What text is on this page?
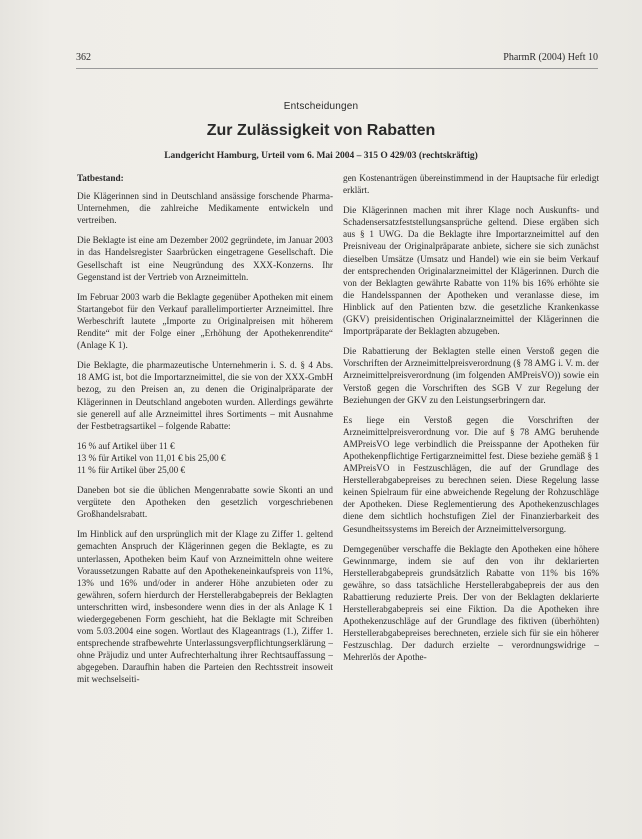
362	PharmR (2004) Heft 10
Entscheidungen
Zur Zulässigkeit von Rabatten
Landgericht Hamburg, Urteil vom 6. Mai 2004 – 315 O 429/03 (rechtskräftig)

Tatbestand:

Die Klägerinnen sind in Deutschland ansässige forschende Pharma-Unternehmen, die zahlreiche Medikamente entwickeln und vertreiben.

Die Beklagte ist eine am Dezember 2002 gegründete, im Januar 2003 in das Handelsregister Saarbrücken eingetragene Gesellschaft. Die Gesellschaft ist eine Neugründung des XXX-Konzerns. Ihr Gegenstand ist der Vertrieb von Arzneimitteln.

Im Februar 2003 warb die Beklagte gegenüber Apotheken mit einem Startangebot für den Verkauf parallelimportierter Arzneimittel. Ihre Werbeschrift lautete „Importe zu Originalpreisen mit höherem Rendite“ mit der Folge einer „Erhöhung der Apothekenrendite“ (Anlage K 1).

Die Beklagte, die pharmazeutische Unternehmerin i. S. d. § 4 Abs. 18 AMG ist, bot die Importarzneimittel, die sie von der XXX-GmbH bezog, zu den Preisen an, zu denen die Originalpräparate der Klägerinnen in Deutschland angeboten wurden. Allerdings gewährte sie generell auf alle Arzneimittel ihres Sortiments – mit Ausnahme der Festbetragsartikel – folgende Rabatte:

16 % auf Artikel über 11 €
13 % für Artikel von 11,01 € bis 25,00 €
11 % für Artikel über 25,00 €

Daneben bot sie die üblichen Mengenrabatte sowie Skonti an und vergütete den Apotheken den gesetzlich vorgeschriebenen Großhandelsrabatt.

Im Hinblick auf den ursprünglich mit der Klage zu Ziffer 1. geltend gemachten Anspruch der Klägerinnen gegen die Beklagte, es zu unterlassen, Apotheken beim Kauf von Arzneimitteln ohne weitere Voraussetzungen Rabatte auf den Apothekeneinkaufspreis von 11%, 13% und 16% und/oder in anderer Höhe anzubieten oder zu gewähren, sofern hierdurch der Herstellerabgabepreis der Beklagten unterschritten wird, insbesondere wenn dies in der als Anlage K 1 wiedergegebenen Form geschieht, hat die Beklagte mit Schreiben vom 5.03.2004 eine sogen. Wortlaut des Klageantrags (1.), Ziffer 1. entsprechende strafbewehrte Unterlassungsverpflichtungserklärung – ohne Präjudiz und unter Aufrechterhaltung ihrer Rechtsauffassung – abgegeben. Daraufhin haben die Parteien den Rechtsstreit insoweit mit wechselseiti-

gen Kostenanträgen übereinstimmend in der Hauptsache für erledigt erklärt.

Die Klägerinnen machen mit ihrer Klage noch Auskunfts- und Schadensersatzfeststellungsansprüche geltend. Diese ergäben sich aus § 1 UWG. Da die Beklagte ihre Importarzneimittel auf den Preisniveau der Originalpräparate anbiete, sichere sie sich zunächst dieselben Umsätze (Umsatz und Handel) wie ein sie beim Verkauf der entsprechenden Originalarzneimittel der Klägerinnen. Durch die von der Beklagten gewährte Rabatte von 11% bis 16% erhöhte sie die Handelsspannen der Apotheken und veranlasse diese, im Hinblick auf den Patienten bzw. die gesetzliche Krankenkasse (GKV) preisidentischen Originalarzneimittel der Klägerinnen die Importpräparate der Beklagten abzugeben.

Die Rabattierung der Beklagten stelle einen Verstoß gegen die Vorschriften der Arzneimittelpreisverordnung (§ 78 AMG i. V. m. der Arzneimittelpreisverordnung (im folgenden AMPreisVO)) sowie ein Verstoß gegen die Vorschriften des SGB V zur Regelung der Beziehungen der GKV zu den Leistungserbringern dar.

Es liege ein Verstoß gegen die Vorschriften der Arzneimittelpreisverordnung vor. Die auf § 78 AMG beruhende AMPreisVO lege verbindlich die Preisspanne der Apotheken für Apothekenpflichtige Fertigarzneimittel fest. Diese beziehe gemäß § 1 AMPreisVO in Festzuschlägen, die auf der Grundlage des Herstellerabgabepreises zu berechnen seien. Diese Regelung lasse keinen Spielraum für eine abweichende Regelung der Rohzuschläge der Apotheken. Diese Reglementierung des Apothekenzuschlages diene dem sichtlich hochstufigen Ziel der Finanzierbarkeit des Gesundheitssystems im Bereich der Arzneimittelversorgung.

Demgegenüber verschaffe die Beklagte den Apotheken eine höhere Gewinnmarge, indem sie auf den von ihr deklarierten Herstellerabgabepreis grundsätzlich Rabatte von 11% bis 16% gewähre, so dass tatsächliche Herstellerabgabepreis der aus den Rabattierung reduzierte Preis. Der von der Beklagten deklarierte Herstellerabgabepreis sei eine Fiktion. Da die Apotheken ihre Apothekenzuschläge auf der Grundlage des fiktiven (überhöhten) Herstellerabgabepreises berechneten, erziele sich für sie ein höherer Festzuschlag. Der dadurch erzielte – verordnungswidrige – Mehrerlös der Apothe-
